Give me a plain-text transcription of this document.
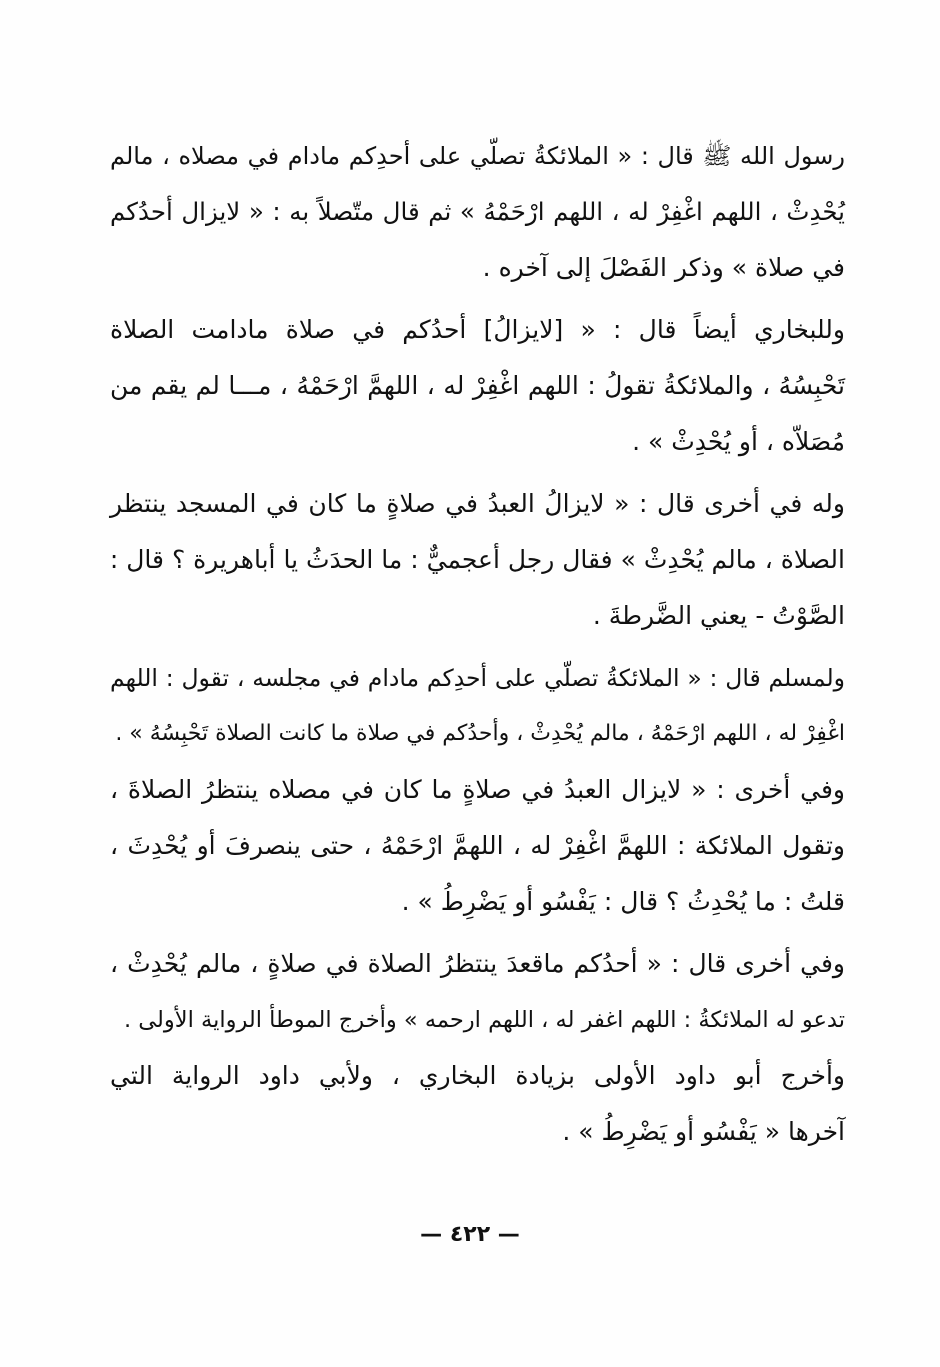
رسول الله ﷺ قال : « الملائكةُ تصلّي على أحدِكم مادام في مصلاه ، مالم
يُحْدِثْ ، اللهم اغْفِرْ له ، اللهم ارْحَمْهُ » ثم قال متّصلاً به : « لايزال أحدُكم
في صلاة » وذكر الفَصْلَ إلى آخره .
وللبخاري أيضاً قال : « [لايزالُ] أحدُكم في صلاة مادامت الصلاة
تَحْبِسُهُ ، والملائكةُ تقولُ : اللهم اغْفِرْ له ، اللهمَّ ارْحَمْهُ ، مـــا لم يقم من
مُصَلاّه ، أو يُحْدِثْ » .
وله في أخرى قال : « لايزالُ العبدُ في صلاةٍ ما كان في المسجد ينتظر
الصلاة ، مالم يُحْدِثْ » فقال رجل أعجميٌّ : ما الحدَثُ يا أباهريرة ؟ قال :
الصَّوْتُ - يعني الضَّرطةَ .
ولمسلم قال : « الملائكةُ تصلّي على أحدِكم مادام في مجلسه ، تقول : اللهم
اغْفِرْ له ، اللهم ارْحَمْهُ ، مالم يُحْدِثْ ، وأحدُكم في صلاة ما كانت الصلاة تَحْبِسُهُ » .
وفي أخرى : « لايزال العبدُ في صلاةٍ ما كان في مصلاه ينتظرُ الصلاةَ ،
وتقول الملائكة : اللهمَّ اغْفِرْ له ، اللهمَّ ارْحَمْهُ ، حتى ينصرفَ أو يُحْدِثَ ،
قلتُ : ما يُحْدِثُ ؟ قال : يَفْسُو أو يَضْرِطُ » .
وفي أخرى قال : « أحدُكم ماقعدَ ينتظرُ الصلاة في صلاةٍ ، مالم يُحْدِثْ ،
تدعو له الملائكةُ : اللهم اغفر له ، اللهم ارحمه » وأخرج الموطأ الرواية الأولى .
وأخرج أبو داود الأولى بزيادة البخاري ، ولأبي داود الرواية التي
آخرها « يَفْسُو أو يَضْرِطُ » .
— ٤٢٢ —
